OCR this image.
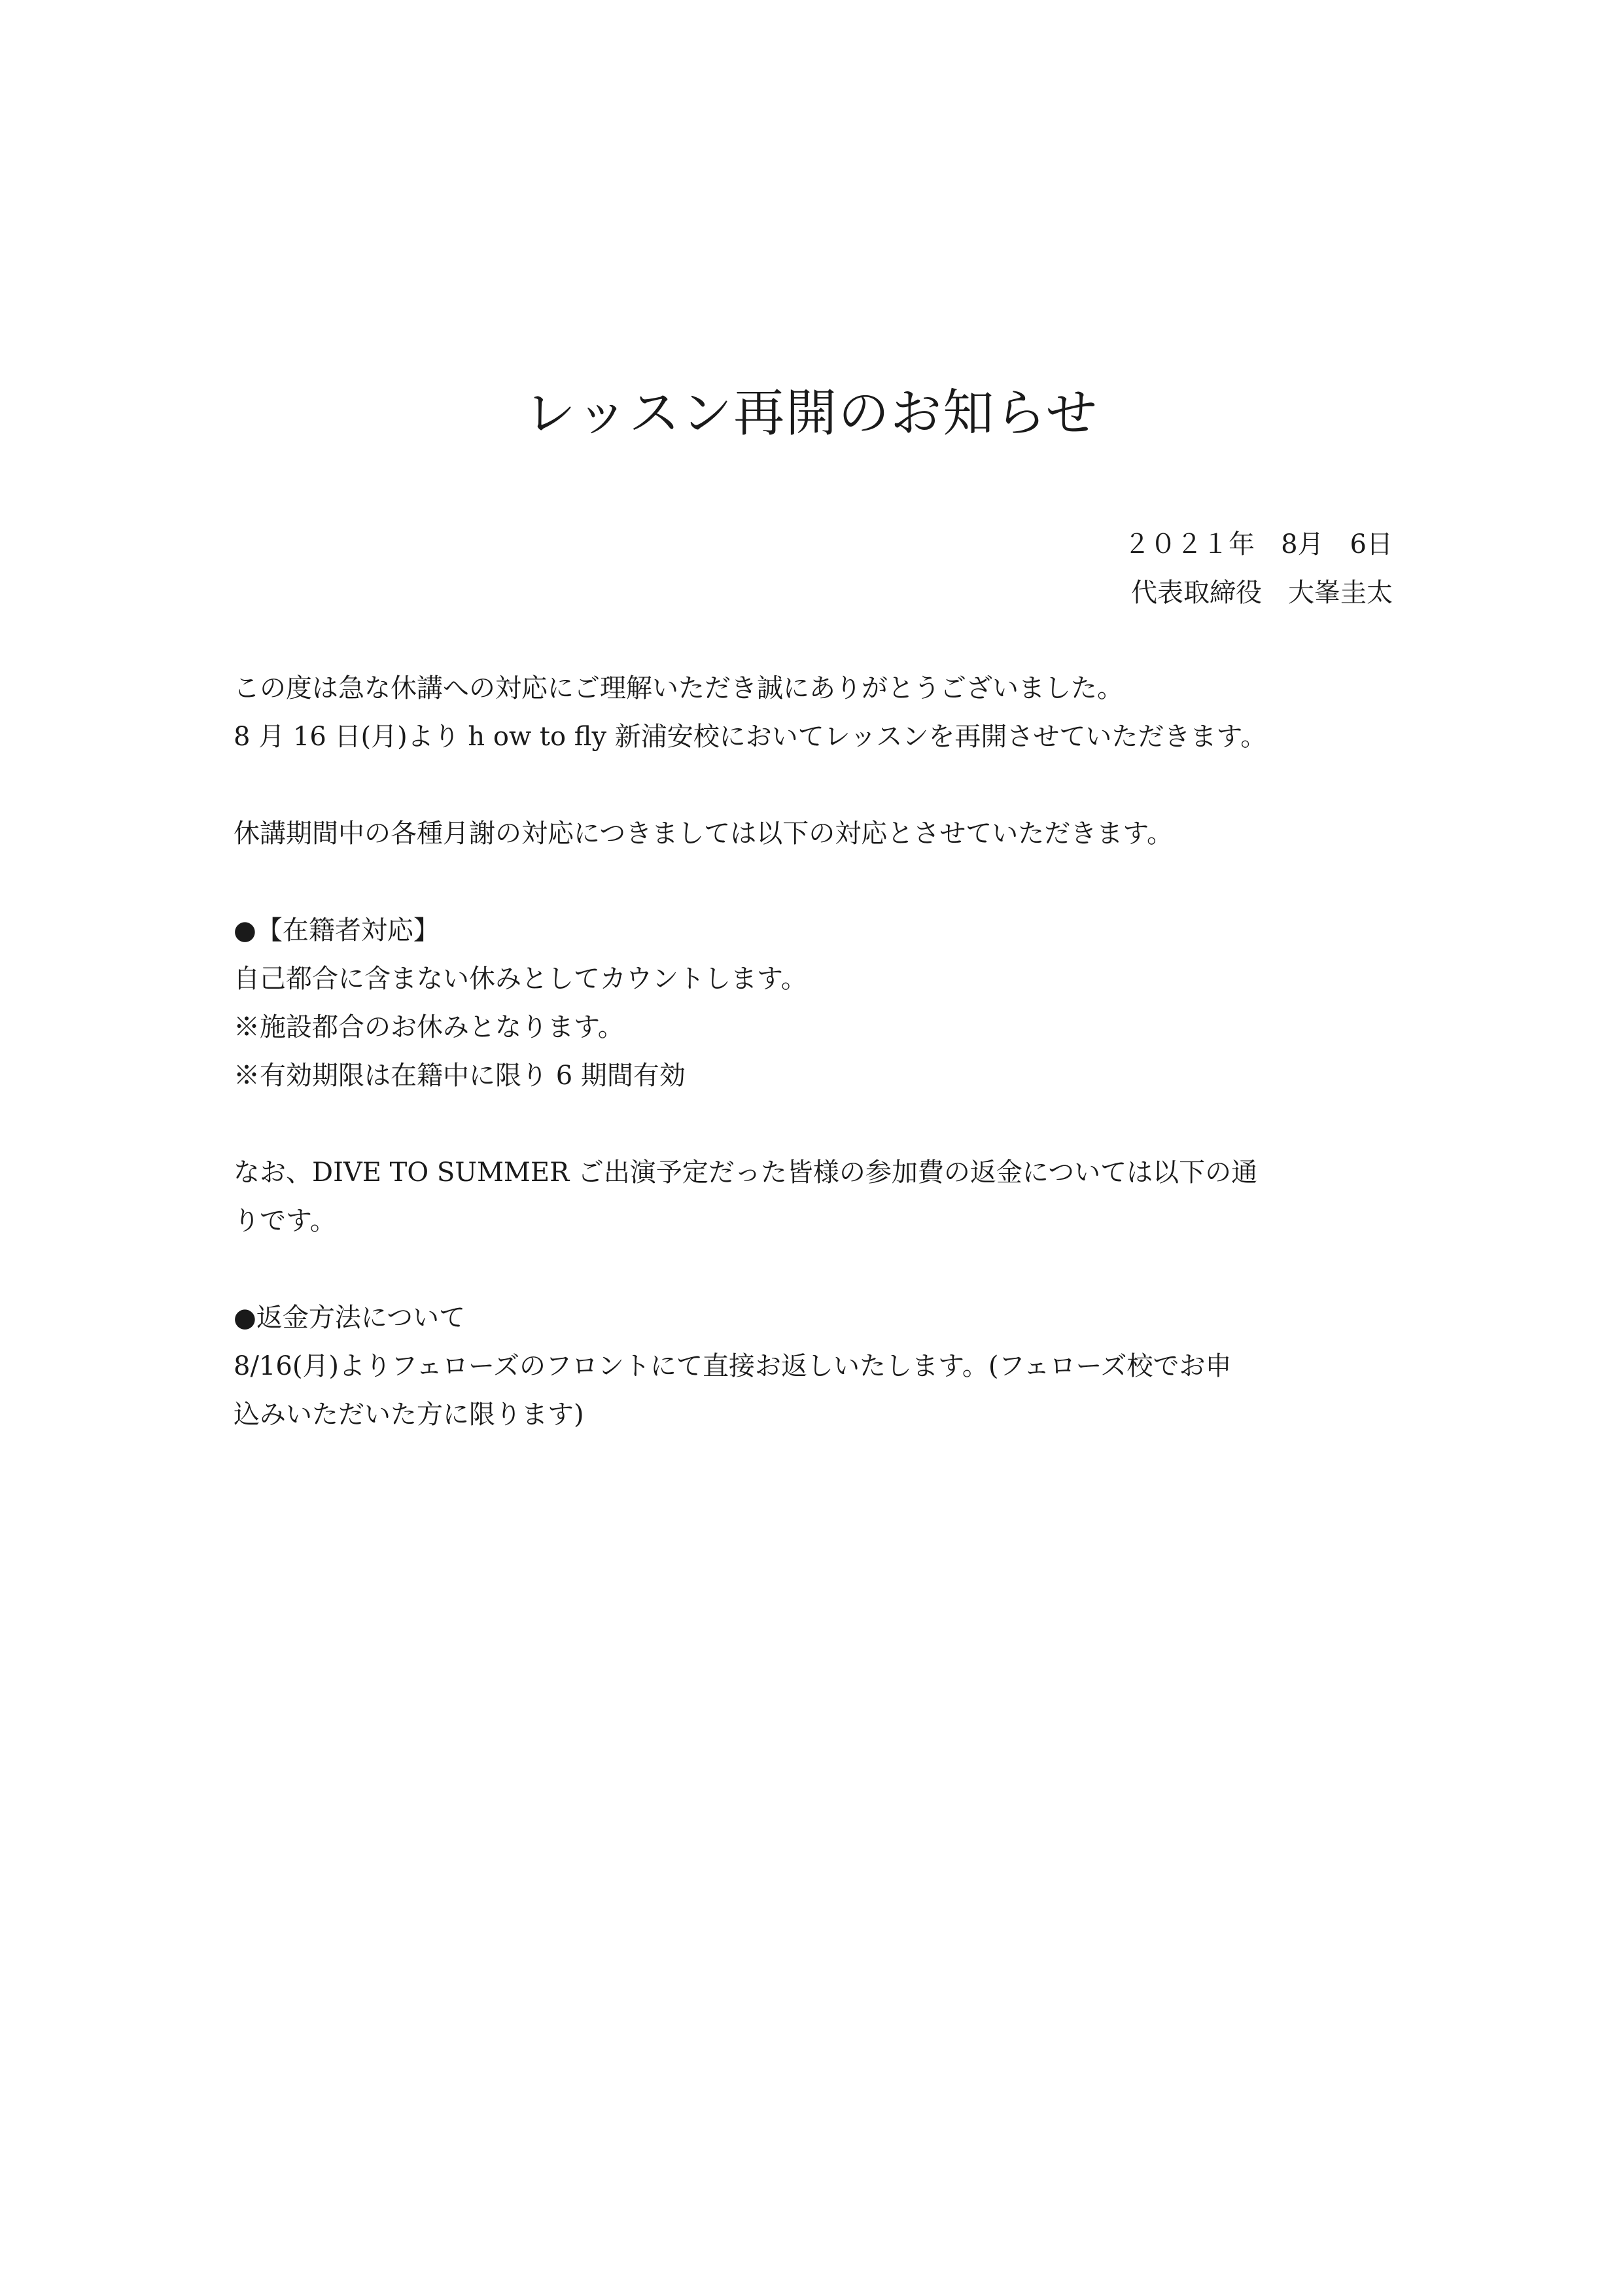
レッスン再開のお知らせ
２０２１年　8月　6日
代表取締役　大峯圭太
この度は急な休講への対応にご理解いただき誠にありがとうございました。
8 月 16 日(月)より h ow to fly 新浦安校においてレッスンを再開させていただきます。
休講期間中の各種月謝の対応につきましては以下の対応とさせていただきます。
●【在籍者対応】
自己都合に含まない休みとしてカウントします。
※施設都合のお休みとなります。
※有効期限は在籍中に限り 6 期間有効
なお、DIVE TO SUMMER ご出演予定だった皆様の参加費の返金については以下の通
りです。
●返金方法について
8/16(月)よりフェローズのフロントにて直接お返しいたします。(フェローズ校でお申
込みいただいた方に限ります)
